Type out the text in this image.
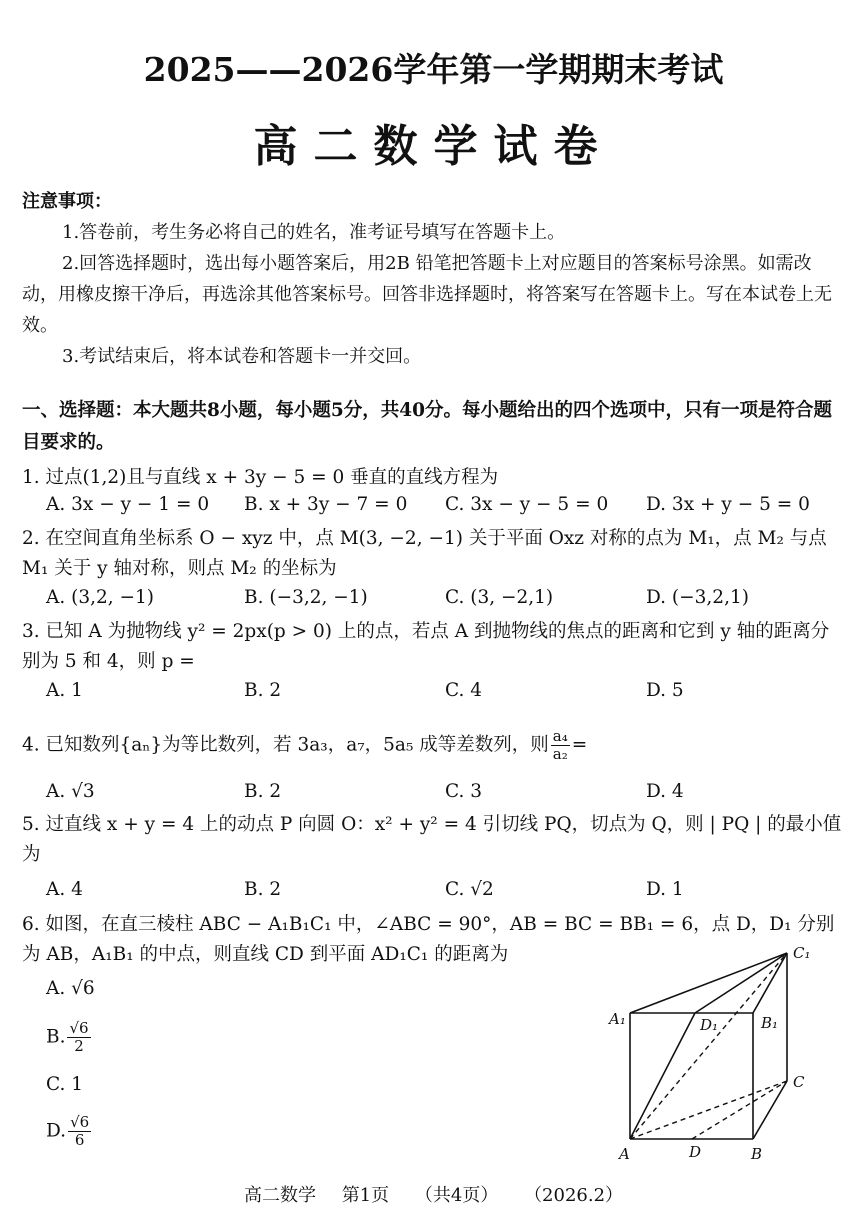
2025——2026学年第一学期期末考试
高二数学试卷

注意事项：

1.答卷前，考生务必将自己的姓名，准考证号填写在答题卡上。

2.回答选择题时，选出每小题答案后，用2B 铅笔把答题卡上对应题目的答案标号涂黑。如需改动，用橡皮擦干净后，再选涂其他答案标号。回答非选择题时，将答案写在答题卡上。写在本试卷上无效。

3.考试结束后，将本试卷和答题卡一并交回。

一、选择题：本大题共8小题，每小题5分，共40分。每小题给出的四个选项中，只有一项是符合题目要求的。
1. 过点(1,2)且与直线 x + 3y − 5 = 0 垂直的直线方程为
A. 3x − y − 1 = 0 B. x + 3y − 7 = 0 C. 3x − y − 5 = 0 D. 3x + y − 5 = 0
2. 在空间直角坐标系 O − xyz 中，点 M(3, −2, −1) 关于平面 Oxz 对称的点为 M₁，点 M₂ 与点 M₁ 关于 y 轴对称，则点 M₂ 的坐标为
A. (3,2, −1)	B. (−3,2, −1)	C. (3, −2,1)	D. (−3,2,1)
3. 已知 A 为抛物线 y² = 2px(p > 0) 上的点，若点 A 到抛物线的焦点的距离和它到 y 轴的距离分别为 5 和 4，则 p =
A. 1	B. 2	C. 4	D. 5
4. 已知数列{aₙ}为等比数列，若 3a₃，a₇，5a₅ 成等差数列，则 $\frac{\text{a₄}}{\text{a₂}}$ =
A. √3	B. 2	C. 3	D. 4
5. 过直线 x + y = 4 上的动点 P 向圆 O：x² + y² = 4 引切线 PQ，切点为 Q，则 | PQ | 的最小值为
A. 4	B. 2	C. √2	D. 1
6. 如图，在直三棱柱 ABC − A₁B₁C₁ 中，∠ABC = 90°，AB = BC = BB₁ = 6，点 D，D₁ 分别为 AB，A₁B₁ 的中点，则直线 CD 到平面 AD₁C₁ 的距离为
A. √6
B. $\frac{√6}{2}$
C. 1
D. $\frac{√6}{6}$
C₁
A₁	D₁	B₁
C
A	D	B
高二数学 第1页 （共4页） （2026.2）
